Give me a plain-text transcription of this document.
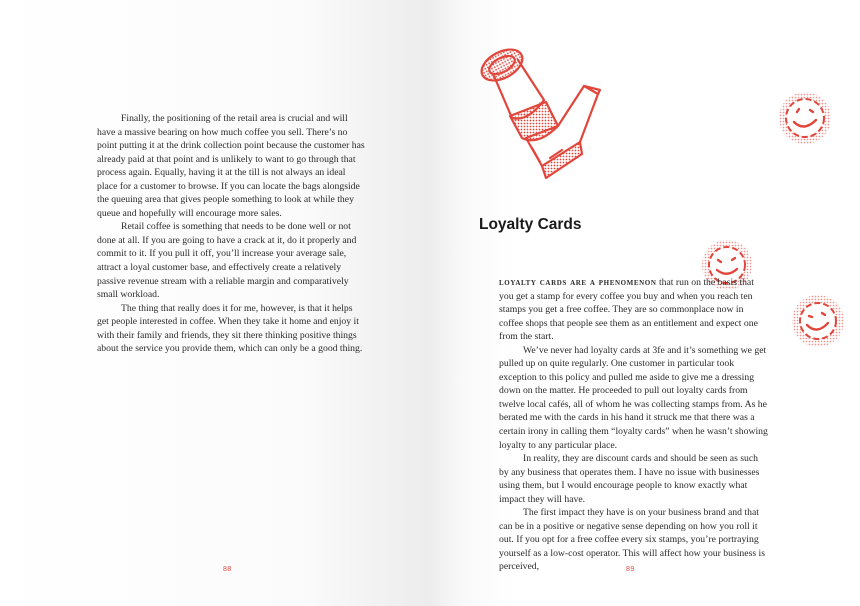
Finally, the positioning of the retail area is crucial and will have a massive bearing on how much coffee you sell. There’s no point putting it at the drink collection point because the customer has already paid at that point and is unlikely to want to go through that process again. Equally, having it at the till is not always an ideal place for a customer to browse. If you can locate the bags alongside the queuing area that gives people something to look at while they queue and hopefully will encourage more sales.

Retail coffee is something that needs to be done well or not done at all. If you are going to have a crack at it, do it properly and commit to it. If you pull it off, you’ll increase your average sale, attract a loyal customer base, and effectively create a relatively passive revenue stream with a reliable margin and comparatively small workload.

The thing that really does it for me, however, is that it helps get people interested in coffee. When they take it home and enjoy it with their family and friends, they sit there thinking positive things about the service you provide them, which can only be a good thing.

88
Loyalty Cards

loyalty cards are a phenomenon that run on the basis that you get a stamp for every coffee you buy and when you reach ten stamps you get a free coffee. They are so commonplace now in coffee shops that people see them as an entitlement and expect one from the start.

We’ve never had loyalty cards at 3fe and it’s something we get pulled up on quite regularly. One customer in particular took exception to this policy and pulled me aside to give me a dressing down on the matter. He proceeded to pull out loyalty cards from twelve local cafés, all of whom he was collecting stamps from. As he berated me with the cards in his hand it struck me that there was a certain irony in calling them “loyalty cards” when he wasn’t showing loyalty to any particular place.

In reality, they are discount cards and should be seen as such by any business that operates them. I have no issue with businesses using them, but I would encourage people to know exactly what impact they will have.

The first impact they have is on your business brand and that can be in a positive or negative sense depending on how you roll it out. If you opt for a free coffee every six stamps, you’re portraying yourself as a low-cost operator. This will affect how your business is perceived,	89
